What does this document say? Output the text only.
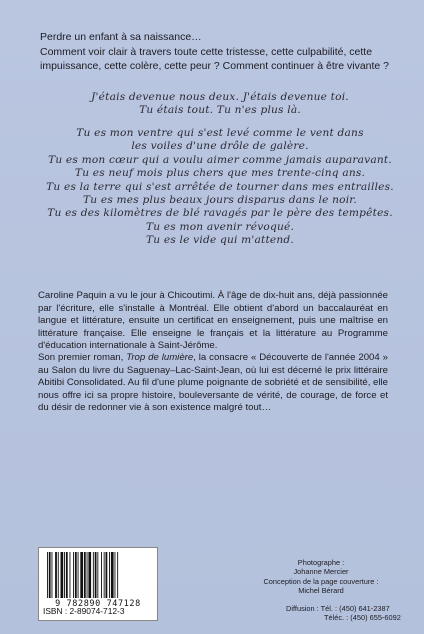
Perdre un enfant à sa naissance…

Comment voir clair à travers toute cette tristesse, cette culpabilité, cette impuissance, cette colère, cette peur ? Comment continuer à être vivante ?

J'étais devenue nous deux. J'étais devenue toi.
Tu étais tout. Tu n'es plus là.
Tu es mon ventre qui s'est levé comme le vent dans
les voiles d'une drôle de galère.
Tu es mon cœur qui a voulu aimer comme jamais auparavant.
Tu es neuf mois plus chers que mes trente-cinq ans.
Tu es la terre qui s'est arrêtée de tourner dans mes entrailles.
Tu es mes plus beaux jours disparus dans le noir.
Tu es des kilomètres de blé ravagés par le père des tempêtes.
Tu es mon avenir révoqué.
Tu es le vide qui m'attend.

Caroline Paquin a vu le jour à Chicoutimi. À l'âge de dix-huit ans, déjà passionnée par l'écriture, elle s'installe à Montréal. Elle obtient d'abord un baccalauréat en langue et littérature, ensuite un certificat en enseignement, puis une maîtrise en littérature française. Elle enseigne le français et la littérature au Programme d'éducation internationale à Saint-Jérôme.

Son premier roman, Trop de lumière, la consacre « Découverte de l'année 2004 » au Salon du livre du Saguenay–Lac-Saint-Jean, où lui est décerné le prix littéraire Abitibi Consolidated. Au fil d'une plume poignante de sobriété et de sensibilité, elle nous offre ici sa propre histoire, bouleversante de vérité, de courage, de force et du désir de redonner vie à son existence malgré tout…

9 782890 747128
ISBN : 2-89074-712-3
Photographe :
Johanne Mercier
Conception de la page couverture :
Michel Bérard
Diffusion : Tél. : (450) 641-2387
Téléc. : (450) 655-6092
